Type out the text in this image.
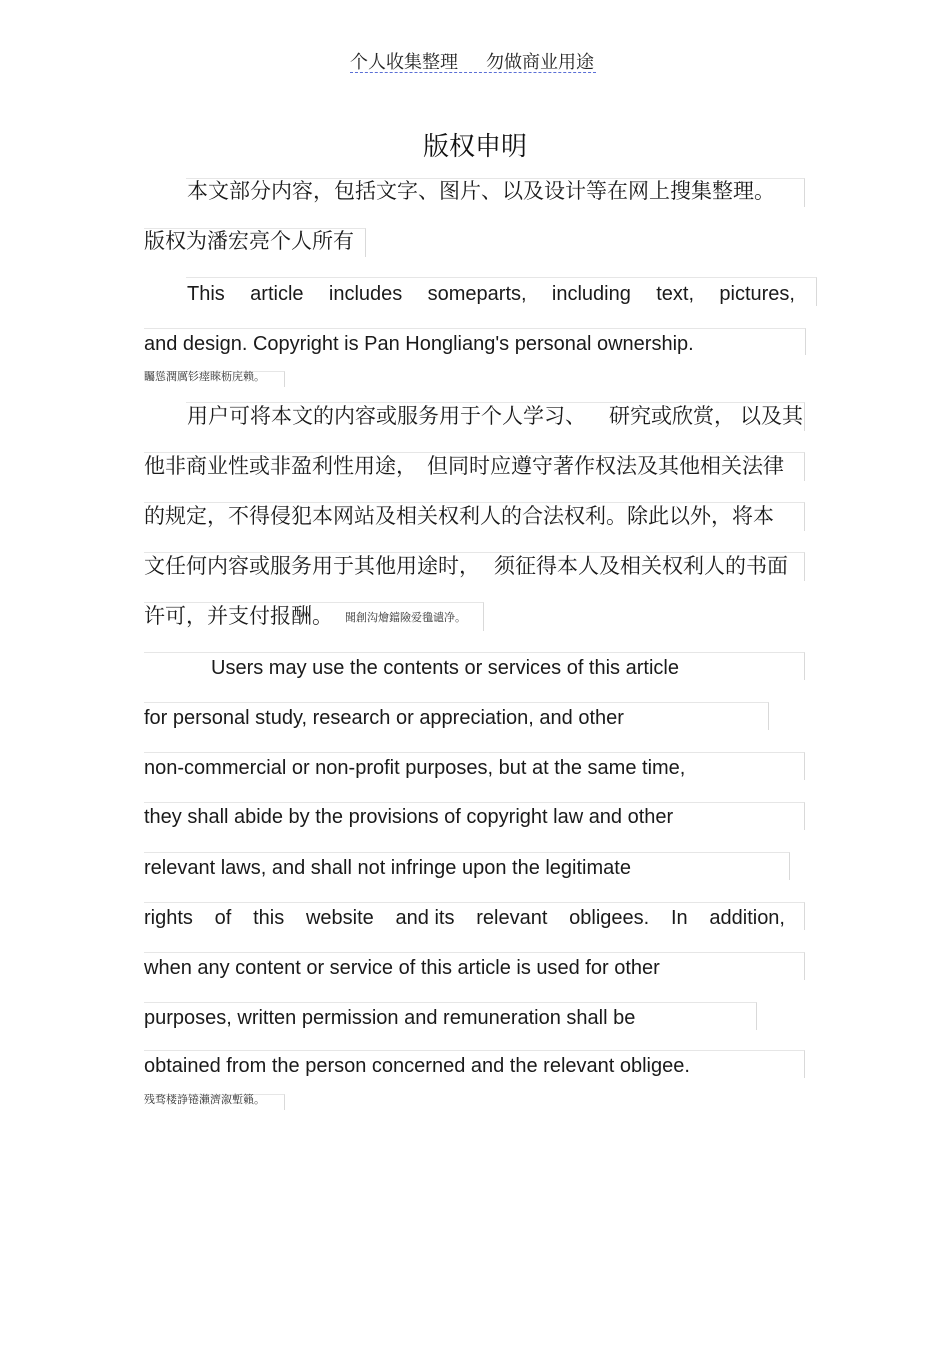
个人收集整理 勿做商业用途
版权申明
本文部分内容，包括文字、图片、以及设计等在网上搜集整理。
版权为潘宏亮个人所有
This article includes someparts, including text, pictures,
and design. Copyright is Pan Hongliang's personal ownership.
矚慫潤厲钐瘗睞枥庑赖。
用户可将本文的内容或服务用于个人学习、 研究或欣赏， 以及其
他非商业性或非盈利性用途， 但同时应遵守著作权法及其他相关法律
的规定，不得侵犯本网站及相关权利人的合法权利。除此以外，将本
文任何内容或服务用于其他用途时， 须征得本人及相关权利人的书面
许可，并支付报酬。 聞創沟燴鐺險爱氇谴净。
Users may use the contents or services of this article
for personal study, research or appreciation, and other
non-commercial or non-profit purposes, but at the same time,
they shall abide by the provisions of copyright law and other
relevant laws, and shall not infringe upon the legitimate
rights of this website and its relevant obligees. In addition,
when any content or service of this article is used for other
purposes, written permission and remuneration shall be
obtained from the person concerned and the relevant obligee.
残骛楼諍锩瀨濟溆塹籟。
